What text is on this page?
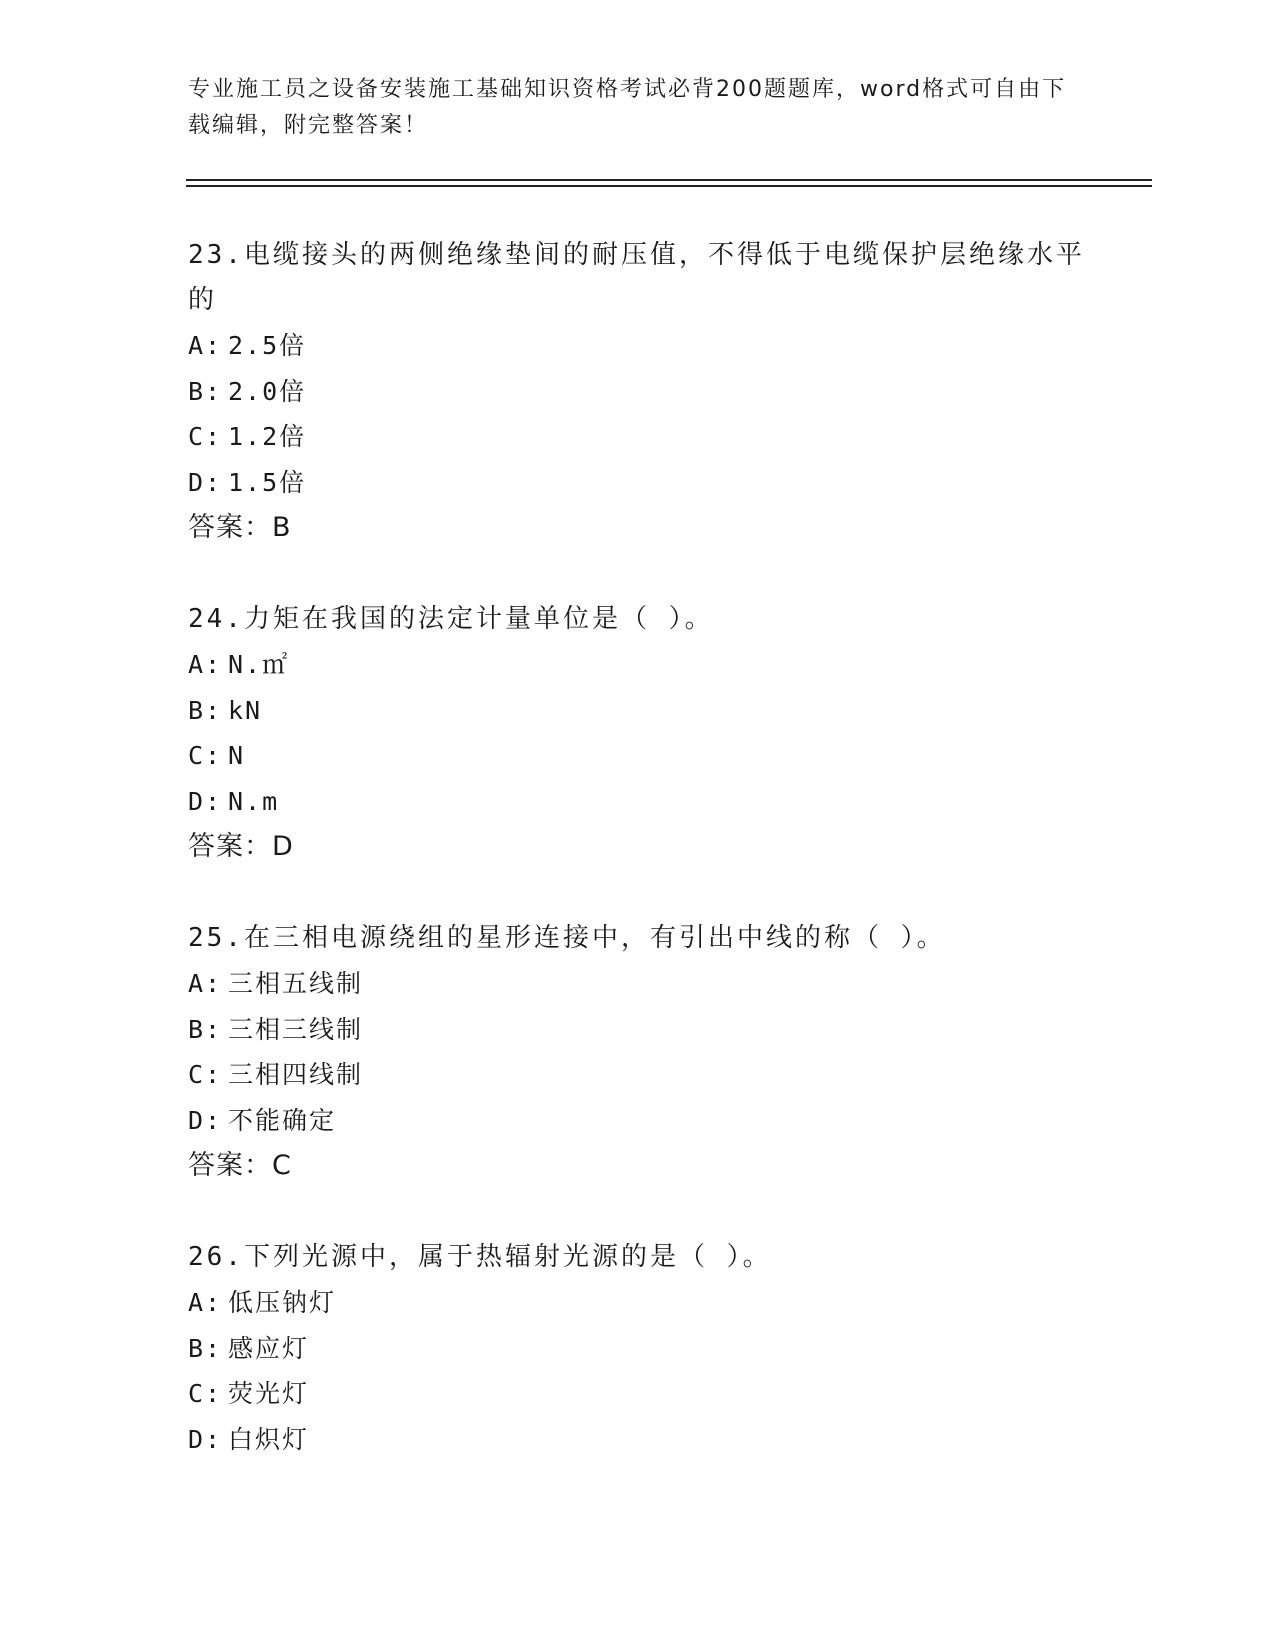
专业施工员之设备安装施工基础知识资格考试必背200题题库，word格式可自由下载编辑，附完整答案！
23.电缆接头的两侧绝缘垫间的耐压值，不得低于电缆保护层绝缘水平的
A: 2.5倍
B: 2.0倍
C: 1.2倍
D: 1.5倍
答案：B
24.力矩在我国的法定计量单位是（ ）。
A: N.㎡
B: kN
C: N
D: N.m
答案：D
25.在三相电源绕组的星形连接中，有引出中线的称（ ）。
A: 三相五线制
B: 三相三线制
C: 三相四线制
D: 不能确定
答案：C
26.下列光源中，属于热辐射光源的是（ ）。
A: 低压钠灯
B: 感应灯
C: 荧光灯
D: 白炽灯
